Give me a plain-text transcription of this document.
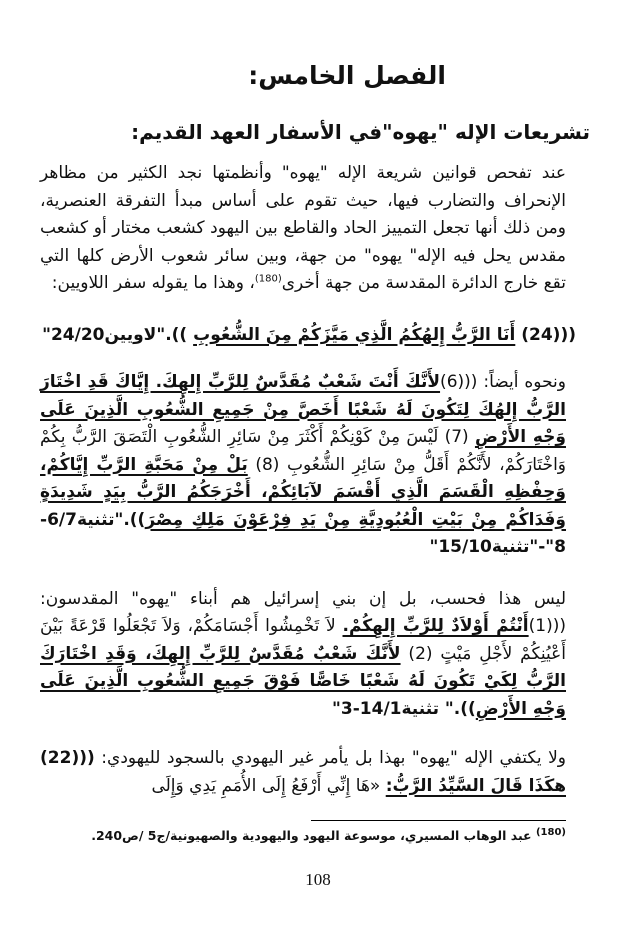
الفصل الخامس:
تشريعات الإله "يهوه"في الأسفار العهد القديم:

عند تفحص قوانين شريعة الإله "يهوه" وأنظمتها نجد الكثير من مظاهر الإنحراف والتضارب فيها، حيث تقوم على أساس مبدأ التفرقة العنصرية، ومن ذلك أنها تجعل التمييز الحاد والقاطع بين اليهود كشعب مختار أو كشعب مقدس يحل فيه الإله" يهوه" من جهة، وبين سائر شعوب الأرض كلها التي تقع خارج الدائرة المقدسة من جهة أخرى$^{(180)}$، وهذا ما يقوله سفر اللاويين:

(((24) أَنَا الرَّبُّ إِلهُكُمُ الَّذِي مَيَّزَكُمْ مِنَ الشُّعُوبِ ))."لاويين24/20"

ونحوه أيضاً: (((6)لأَنَّكَ أَنْتَ شَعْبٌ مُقَدَّسٌ لِلرَّبِّ إِلهِكَ. إِيَّاكَ قَدِ اخْتَارَ الرَّبُّ إِلهُكَ لِتَكُونَ لَهُ شَعْبًا أَخَصَّ مِنْ جَمِيعِ الشُّعُوبِ الَّذِينَ عَلَى وَجْهِ الأَرْضِ (7) لَيْسَ مِنْ كَوْنِكُمْ أَكْثَرَ مِنْ سَائِرِ الشُّعُوبِ الْتَصَقَ الرَّبُّ بِكُمْ وَاخْتَارَكُمْ، لأَنَّكُمْ أَقَلُّ مِنْ سَائِرِ الشُّعُوبِ (8) بَلْ مِنْ مَحَبَّةِ الرَّبِّ إِيَّاكُمْ، وَحِفْظِهِ الْقَسَمَ الَّذِي أَقْسَمَ لآبَائِكُمْ، أَخْرَجَكُمُ الرَّبُّ بِيَدٍ شَدِيدَةٍ وَفَدَاكُمْ مِنْ بَيْتِ الْعُبُودِيَّةِ مِنْ يَدِ فِرْعَوْنَ مَلِكِ مِصْرَ))."تثنية6/7-8"-"تثنية15/10"

ليس هذا فحسب، بل إن بني إسرائيل هم أبناء "يهوه" المقدسون: (((1)أَنْتُمْ أَوْلاَدٌ لِلرَّبِّ إِلهِكُمْ. لاَ تَخْمِشُوا أَجْسَامَكُمْ، وَلاَ تَجْعَلُوا قَرْعَةً بَيْنَ أَعْيُنِكُمْ لأَجْلِ مَيْتٍ (2) لأَنَّكَ شَعْبٌ مُقَدَّسٌ لِلرَّبِّ إِلهِكَ، وَقَدِ اخْتَارَكَ الرَّبُّ لِكَيْ تَكُونَ لَهُ شَعْبًا خَاصًّا فَوْقَ جَمِيعِ الشُّعُوبِ الَّذِينَ عَلَى وَجْهِ الأَرْضِ))." تثنية14/1-3"

ولا يكتفي الإله "يهوه" بهذا بل يأمر غير اليهودي بالسجود لليهودي: (((22) هكَذَا قَالَ السَّيِّدُ الرَّبُّ: «هَا إِنِّي أَرْفَعُ إِلَى الأُمَمِ يَدِي وَإِلَى

$^{(180)}$ عبد الوهاب المسيري، موسوعة اليهود واليهودية والصهيونية/ج5 /ص240.
108
